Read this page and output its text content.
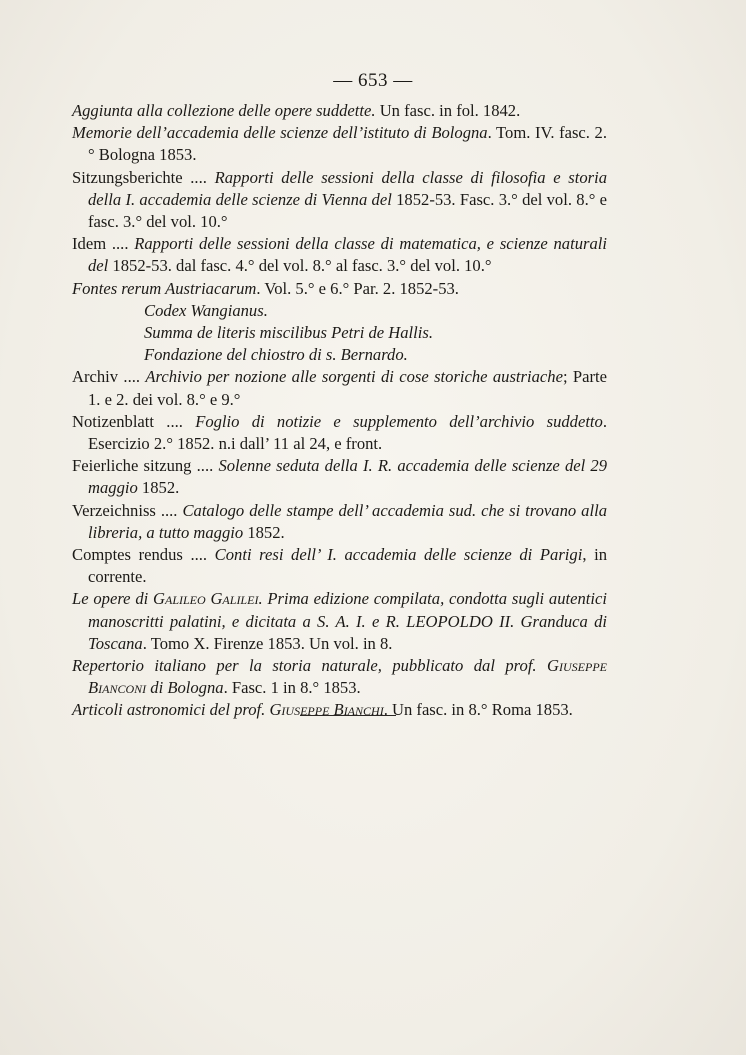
— 653 —
Aggiunta alla collezione delle opere suddette. Un fasc. in fol. 1842.
Memorie dell’accademia delle scienze dell’istituto di Bologna. Tom. IV. fasc. 2.° Bologna 1853.
Sitzungsberichte .... Rapporti delle sessioni della classe di filosofia e storia della I. accademia delle scienze di Vienna del 1852-53. Fasc. 3.° del vol. 8.° e fasc. 3.° del vol. 10.°
Idem .... Rapporti delle sessioni della classe di matematica, e scienze naturali del 1852-53. dal fasc. 4.° del vol. 8.° al fasc. 3.° del vol. 10.°
Fontes rerum Austriacarum. Vol. 5.° e 6.° Par. 2. 1852-53.
Codex Wangianus.
Summa de literis miscilibus Petri de Hallis.
Fondazione del chiostro di s. Bernardo.
Archiv .... Archivio per nozione alle sorgenti di cose storiche austriache; Parte 1. e 2. dei vol. 8.° e 9.°
Notizenblatt .... Foglio di notizie e supplemento dell’archivio suddetto. Esercizio 2.° 1852. n.i dall’ 11 al 24, e front.
Feierliche sitzung .... Solenne seduta della I. R. accademia delle scienze del 29 maggio 1852.
Verzeichniss .... Catalogo delle stampe dell’ accademia sud. che si trovano alla libreria, a tutto maggio 1852.
Comptes rendus .... Conti resi dell’ I. accademia delle scienze di Parigi, in corrente.
Le opere di Galileo Galilei. Prima edizione compilata, condotta sugli autentici manoscritti palatini, e dicitata a S. A. I. e R. LEOPOLDO II. Granduca di Toscana. Tomo X. Firenze 1853. Un vol. in 8.
Repertorio italiano per la storia naturale, pubblicato dal prof. Giuseppe Bianconi di Bologna. Fasc. 1 in 8.° 1853.
Articoli astronomici del prof. Giuseppe Bianchi. Un fasc. in 8.° Roma 1853.
